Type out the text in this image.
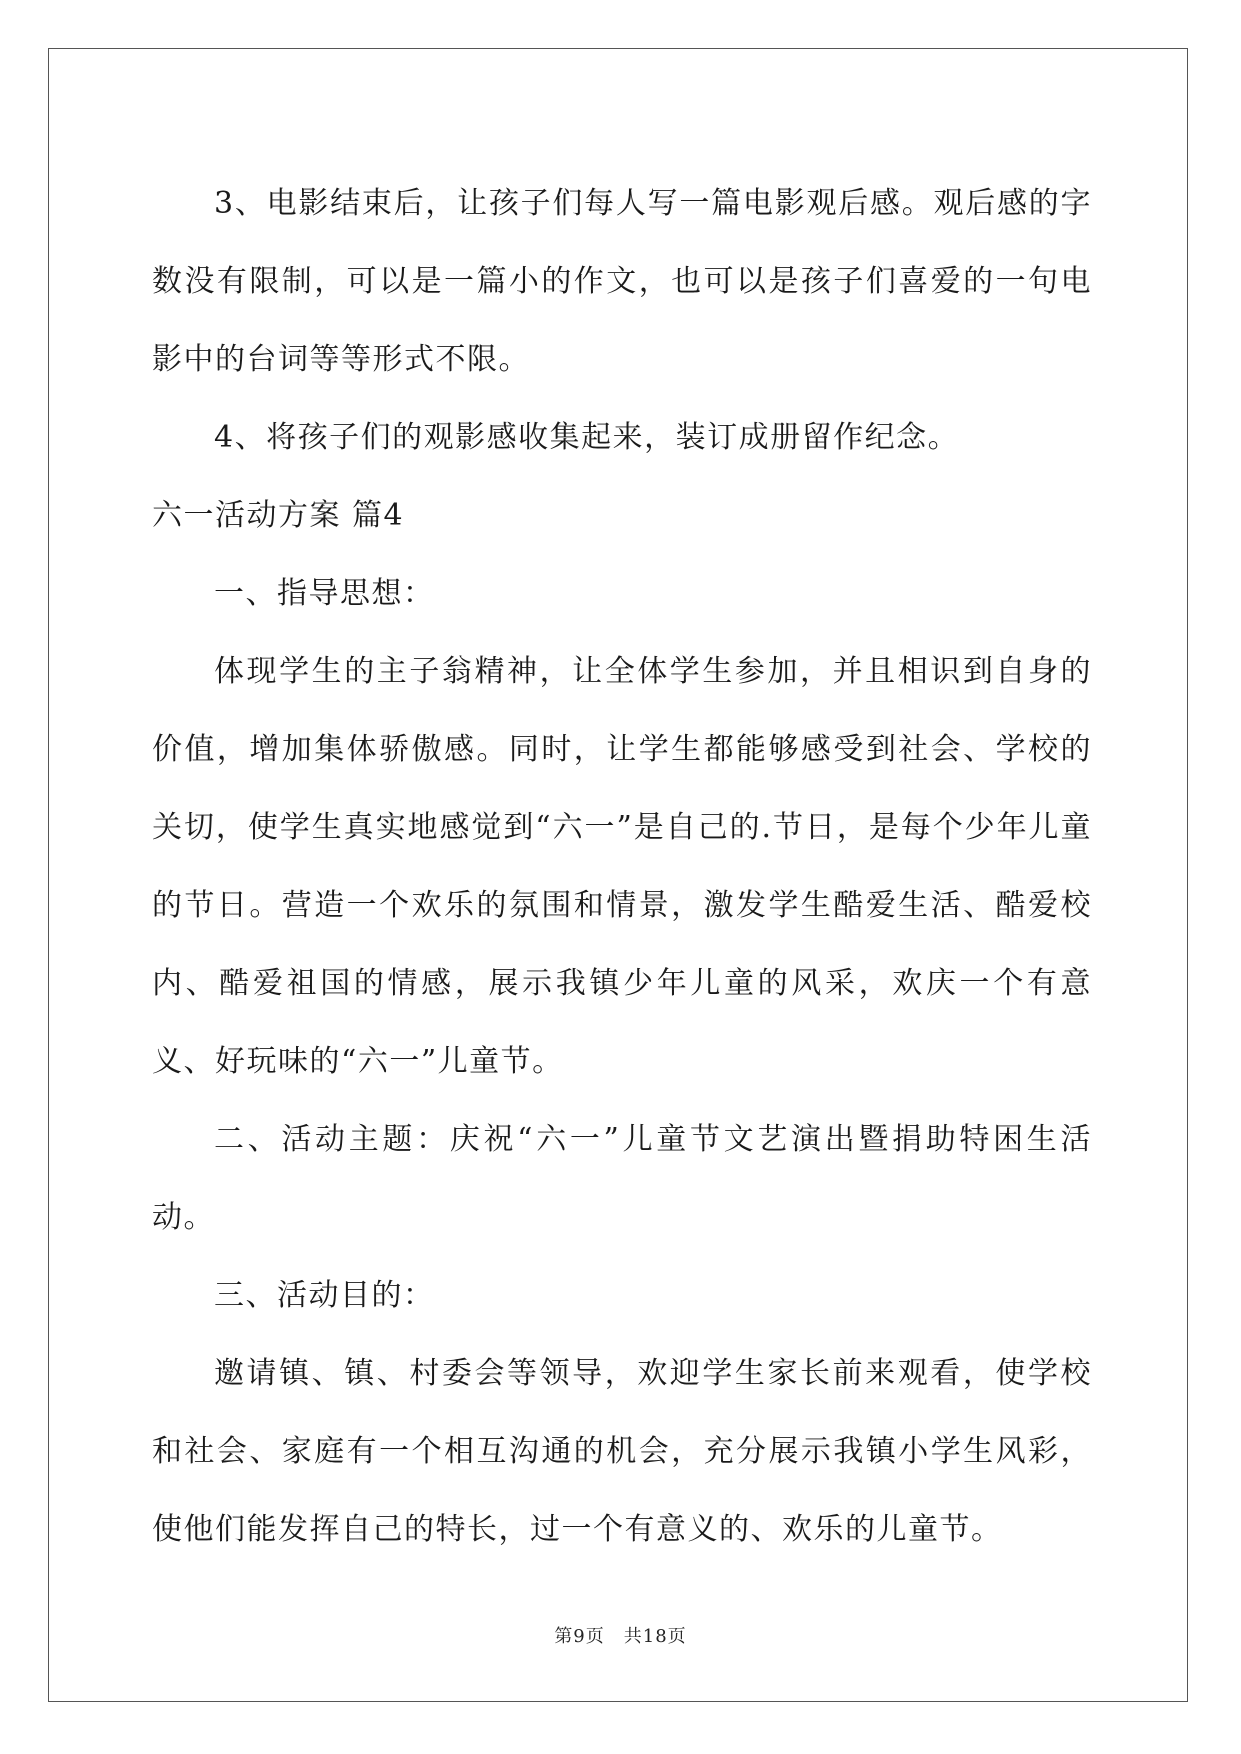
3、电影结束后，让孩子们每人写一篇电影观后感。观后感的字数没有限制，可以是一篇小的作文，也可以是孩子们喜爱的一句电影中的台词等等形式不限。

4、将孩子们的观影感收集起来，装订成册留作纪念。

六一活动方案 篇4

一、指导思想：

体现学生的主子翁精神，让全体学生参加，并且相识到自身的价值，增加集体骄傲感。同时，让学生都能够感受到社会、学校的关切，使学生真实地感觉到“六一”是自己的.节日，是每个少年儿童的节日。营造一个欢乐的氛围和情景，激发学生酷爱生活、酷爱校内、酷爱祖国的情感，展示我镇少年儿童的风采，欢庆一个有意义、好玩味的“六一”儿童节。

二、活动主题：庆祝“六一”儿童节文艺演出暨捐助特困生活动。

三、活动目的：

邀请镇、镇、村委会等领导，欢迎学生家长前来观看，使学校和社会、家庭有一个相互沟通的机会，充分展示我镇小学生风彩，使他们能发挥自己的特长，过一个有意义的、欢乐的儿童节。

第9页　共18页
